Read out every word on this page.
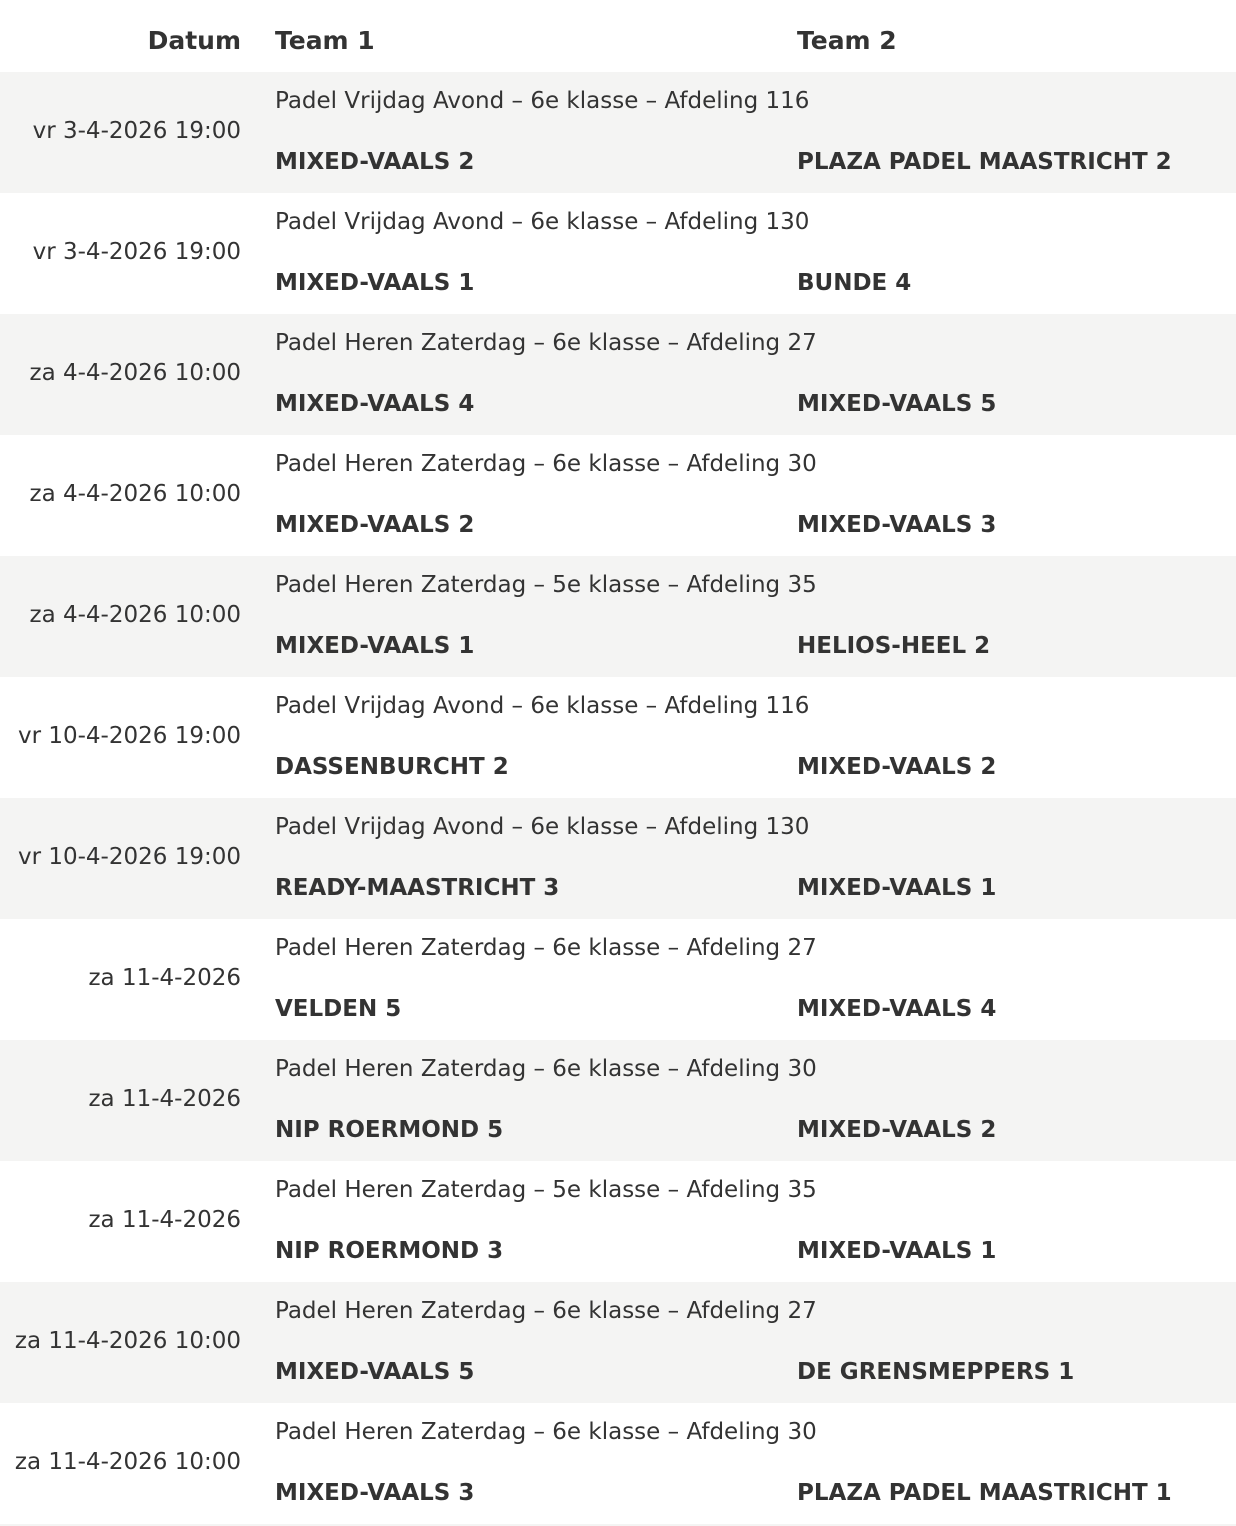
Datum Team 1	Team 2
vr 3-4-2026 19:00
Padel Vrijdag Avond – 6e klasse – Afdeling 116
MIXED-VAALS 2	PLAZA PADEL MAASTRICHT 2
vr 3-4-2026 19:00
Padel Vrijdag Avond – 6e klasse – Afdeling 130
MIXED-VAALS 1	BUNDE 4
za 4-4-2026 10:00
Padel Heren Zaterdag – 6e klasse – Afdeling 27
MIXED-VAALS 4	MIXED-VAALS 5
za 4-4-2026 10:00
Padel Heren Zaterdag – 6e klasse – Afdeling 30
MIXED-VAALS 2	MIXED-VAALS 3
za 4-4-2026 10:00
Padel Heren Zaterdag – 5e klasse – Afdeling 35
MIXED-VAALS 1	HELIOS-HEEL 2
vr 10-4-2026 19:00
Padel Vrijdag Avond – 6e klasse – Afdeling 116
DASSENBURCHT 2	MIXED-VAALS 2
vr 10-4-2026 19:00
Padel Vrijdag Avond – 6e klasse – Afdeling 130
READY-MAASTRICHT 3	MIXED-VAALS 1
za 11-4-2026
Padel Heren Zaterdag – 6e klasse – Afdeling 27
VELDEN 5	MIXED-VAALS 4
za 11-4-2026
Padel Heren Zaterdag – 6e klasse – Afdeling 30
NIP ROERMOND 5	MIXED-VAALS 2
za 11-4-2026
Padel Heren Zaterdag – 5e klasse – Afdeling 35
NIP ROERMOND 3	MIXED-VAALS 1
za 11-4-2026 10:00
Padel Heren Zaterdag – 6e klasse – Afdeling 27
MIXED-VAALS 5	DE GRENSMEPPERS 1
za 11-4-2026 10:00
Padel Heren Zaterdag – 6e klasse – Afdeling 30
MIXED-VAALS 3	PLAZA PADEL MAASTRICHT 1
